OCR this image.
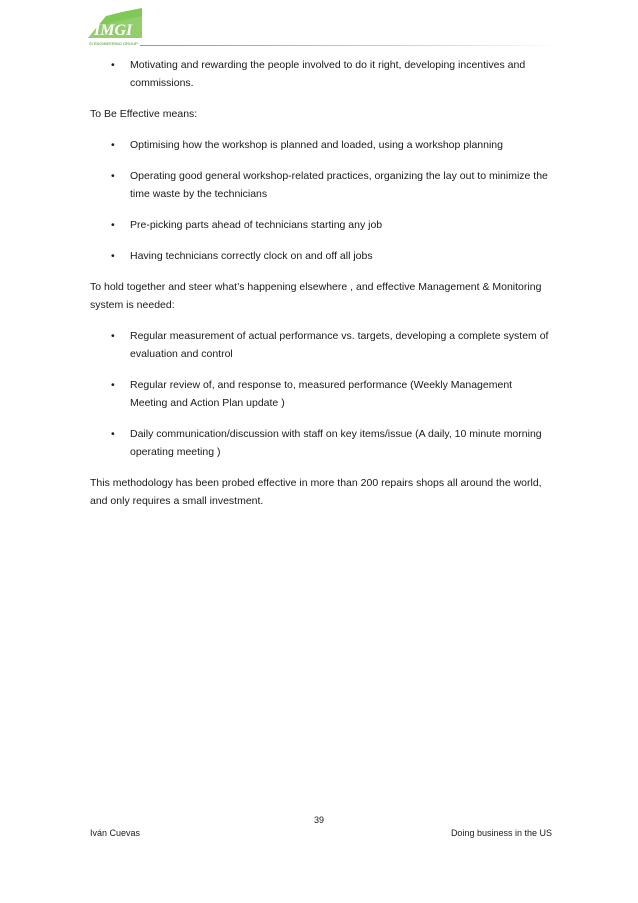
IMGI
SI ENGINEERING GROUP
• Motivating and rewarding the people involved to do it right, developing incentives and commissions.

To Be Effective means:

• Optimising how the workshop is planned and loaded, using a workshop planning
• Operating good general workshop-related practices, organizing the lay out to minimize the time waste by the technicians
• Pre-picking parts ahead of technicians starting any job
• Having technicians correctly clock on and off all jobs

To hold together and steer what’s happening elsewhere , and effective Management & Monitoring system is needed:

• Regular measurement of actual performance vs. targets, developing a complete system of evaluation and control
• Regular review of, and response to, measured performance (Weekly Management Meeting and Action Plan update )
• Daily communication/discussion with staff on key items/issue (A daily, 10 minute morning operating meeting )

This methodology has been probed effective in more than 200 repairs shops all around the world, and only requires a small investment.

39
Iván Cuevas	Doing business in the US
